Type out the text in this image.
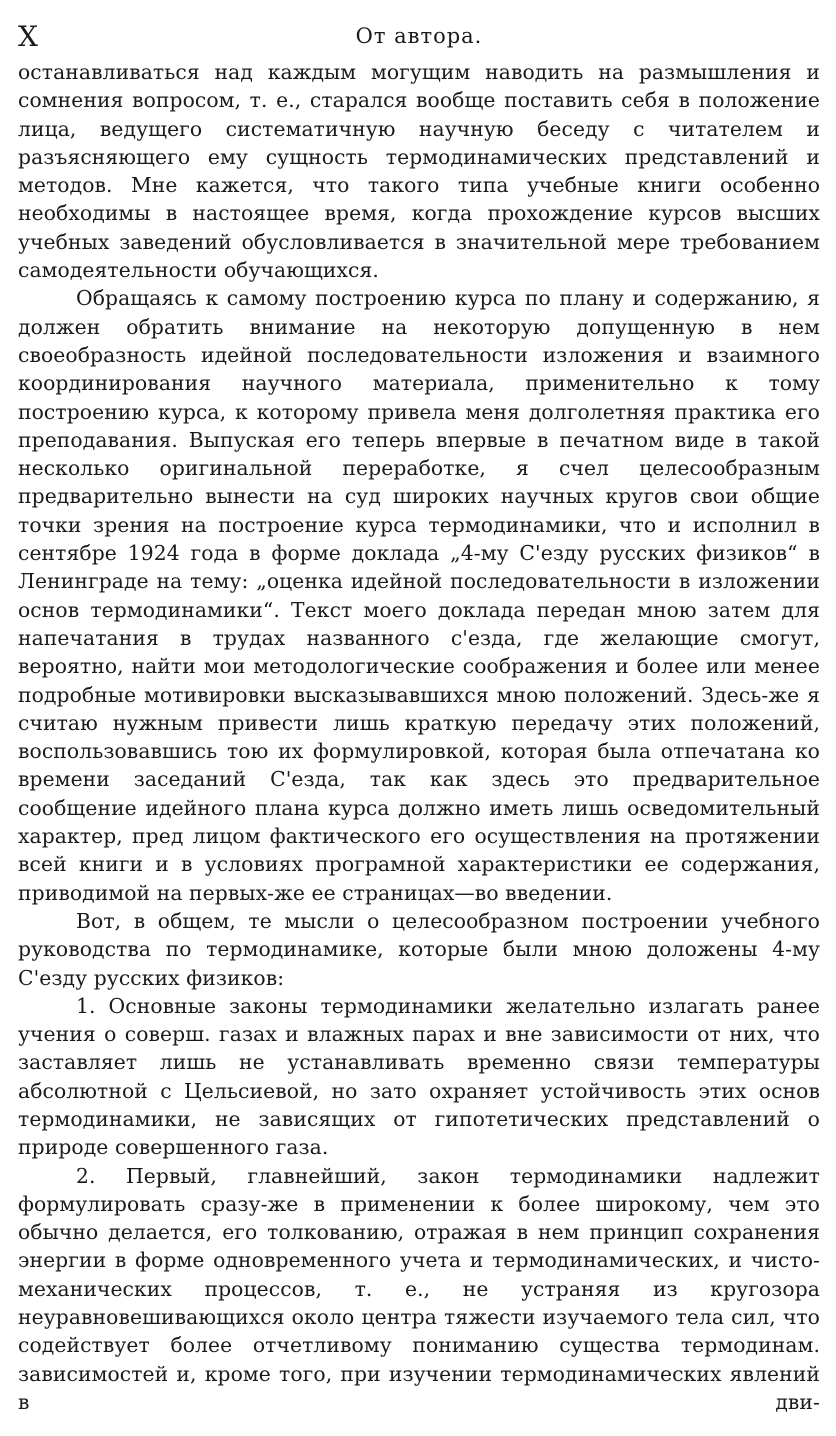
X	От автора.

останавливаться над каждым могущим наводить на размышления и сомнения вопросом, т. е., старался вообще поставить себя в положение лица, ведущего систематичную научную беседу с читателем и разъясняющего ему сущность термодинамических представлений и методов. Мне кажется, что такого типа учебные книги особенно необходимы в настоящее время, когда прохождение курсов высших учебных заведений обусловливается в значительной мере требованием самодеятельности обучающихся.

Обращаясь к самому построению курса по плану и содержанию, я должен обратить внимание на некоторую допущенную в нем своеобразность идейной последовательности изложения и взаимного координирования научного материала, применительно к тому построению курса, к которому привела меня долголетняя практика его преподавания. Выпуская его теперь впервые в печатном виде в такой несколько оригинальной переработке, я счел целесообразным предварительно вынести на суд широких научных кругов свои общие точки зрения на построение курса термодинамики, что и исполнил в сентябре 1924 года в форме доклада „4-му С'езду русских физиков“ в Ленинграде на тему: „оценка идейной последовательности в изложении основ термодинамики“. Текст моего доклада передан мною затем для напечатания в трудах названного с'езда, где желающие смогут, вероятно, найти мои методологические соображения и более или менее подробные мотивировки высказывавшихся мною положений. Здесь-же я считаю нужным привести лишь краткую передачу этих положений, воспользовавшись тою их формулировкой, которая была отпечатана ко времени заседаний С'езда, так как здесь это предварительное сообщение идейного плана курса должно иметь лишь осведомительный характер, пред лицом фактического его осуществления на протяжении всей книги и в условиях програмной характеристики ее содержания, приводимой на первых-же ее страницах—во введении.

Вот, в общем, те мысли о целесообразном построении учебного руководства по термодинамике, которые были мною доложены 4-му С'езду русских физиков:

1. Основные законы термодинамики желательно излагать ранее учения о соверш. газах и влажных парах и вне зависимости от них, что заставляет лишь не устанавливать временно связи температуры абсолютной с Цельсиевой, но зато охраняет устойчивость этих основ термодинамики, не зависящих от гипотетических представлений о природе совершенного газа.

2. Первый, главнейший, закон термодинамики надлежит формулировать сразу-же в применении к более широкому, чем это обычно делается, его толкованию, отражая в нем принцип сохранения энергии в форме одновременного учета и термодинамических, и чисто-механических процессов, т. е., не устраняя из кругозора неуравновешивающихся около центра тяжести изучаемого тела сил, что содействует более отчетливому пониманию существа термодинам. зависимостей и, кроме того, при изучении термодинамических явлений в дви-
